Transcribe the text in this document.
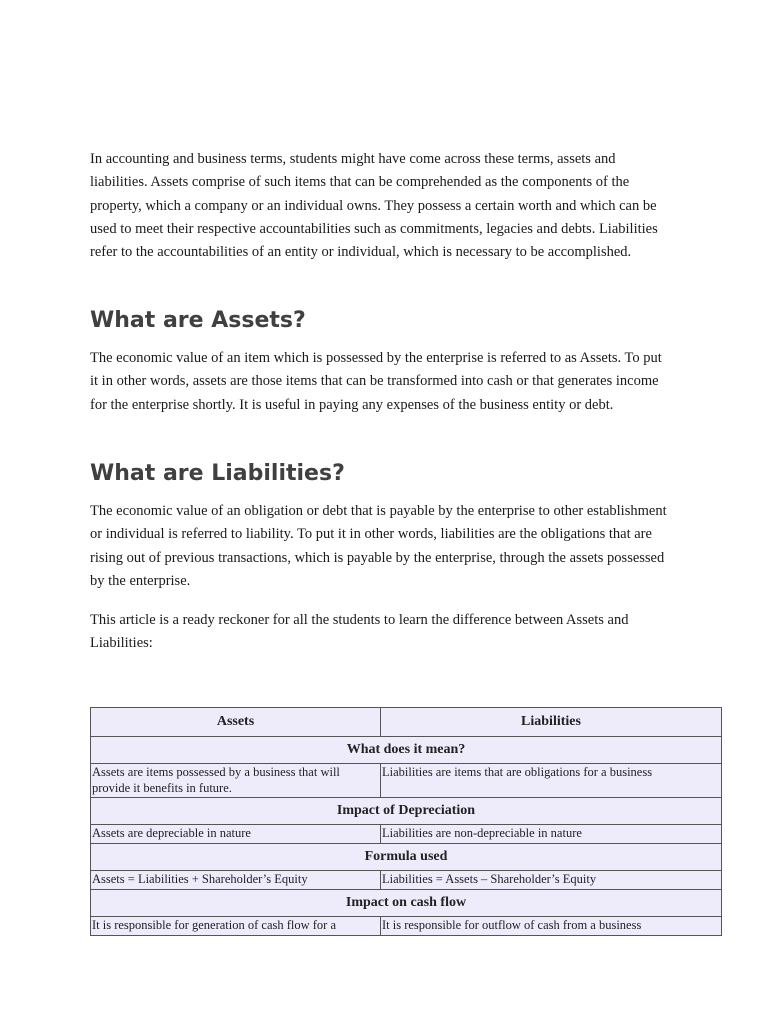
In accounting and business terms, students might have come across these terms, assets and liabilities. Assets comprise of such items that can be comprehended as the components of the property, which a company or an individual owns. They possess a certain worth and which can be used to meet their respective accountabilities such as commitments, legacies and debts. Liabilities refer to the accountabilities of an entity or individual, which is necessary to be accomplished.

What are Assets?

The economic value of an item which is possessed by the enterprise is referred to as Assets. To put it in other words, assets are those items that can be transformed into cash or that generates income for the enterprise shortly. It is useful in paying any expenses of the business entity or debt.

What are Liabilities?

The economic value of an obligation or debt that is payable by the enterprise to other establishment or individual is referred to liability. To put it in other words, liabilities are the obligations that are rising out of previous transactions, which is payable by the enterprise, through the assets possessed by the enterprise.

This article is a ready reckoner for all the students to learn the difference between Assets and Liabilities:

Assets	Liabilities
What does it mean?	
Assets are items possessed by a business that will provide it benefits in future.	Liabilities are items that are obligations for a business
Impact of Depreciation	
Assets are depreciable in nature	Liabilities are non-depreciable in nature
Formula used	
Assets = Liabilities + Shareholder’s Equity	Liabilities = Assets – Shareholder’s Equity
Impact on cash flow	
It is responsible for generation of cash flow for a	It is responsible for outflow of cash from a business
